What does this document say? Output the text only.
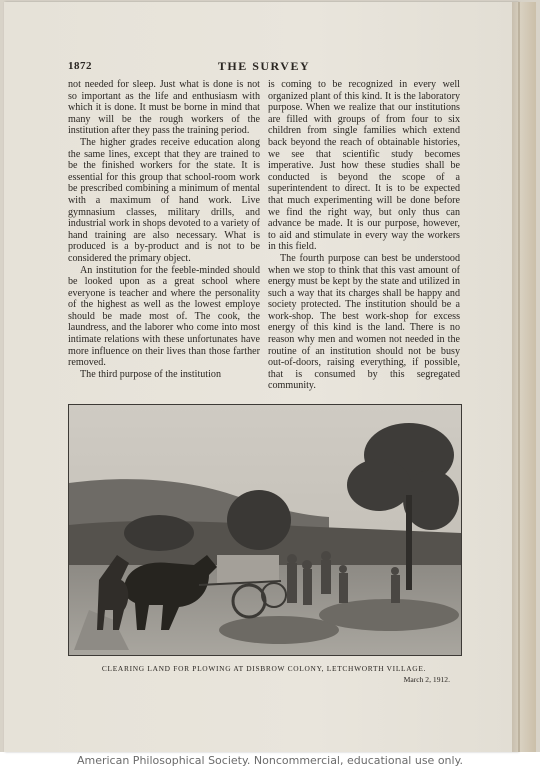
1872	THE SURVEY

not needed for sleep. Just what is done is not so important as the life and enthusiasm with which it is done. It must be borne in mind that many will be the rough workers of the institution after they pass the training period.

The higher grades receive education along the same lines, except that they are trained to be the finished workers for the state. It is essential for this group that school-room work be prescribed combining a minimum of mental with a maximum of hand work. Live gymnasium classes, military drills, and industrial work in shops devoted to a variety of hand training are also necessary. What is produced is a by-product and is not to be considered the primary object.

An institution for the feeble-minded should be looked upon as a great school where everyone is teacher and where the personality of the highest as well as the lowest employe should be made most of. The cook, the laundress, and the laborer who come into most intimate relations with these unfortunates have more influence on their lives than those farther removed.

The third purpose of the institution

is coming to be recognized in every well organized plant of this kind. It is the laboratory purpose. When we realize that our institutions are filled with groups of from four to six children from single families which extend back beyond the reach of obtainable histories, we see that scientific study becomes imperative. Just how these studies shall be conducted is beyond the scope of a superintendent to direct. It is to be expected that much experimenting will be done before we find the right way, but only thus can advance be made. It is our purpose, however, to aid and stimulate in every way the workers in this field.

The fourth purpose can best be understood when we stop to think that this vast amount of energy must be kept by the state and utilized in such a way that its charges shall be happy and society protected. The institution should be a work-shop. The best work-shop for excess energy of this kind is the land. There is no reason why men and women not needed in the routine of an institution should not be busy out-of-doors, raising everything, if possible, that is consumed by this segregated community.

CLEARING LAND FOR PLOWING AT DISBROW COLONY, LETCHWORTH VILLAGE.
March 2, 1912.
American Philosophical Society. Noncommercial, educational use only.
